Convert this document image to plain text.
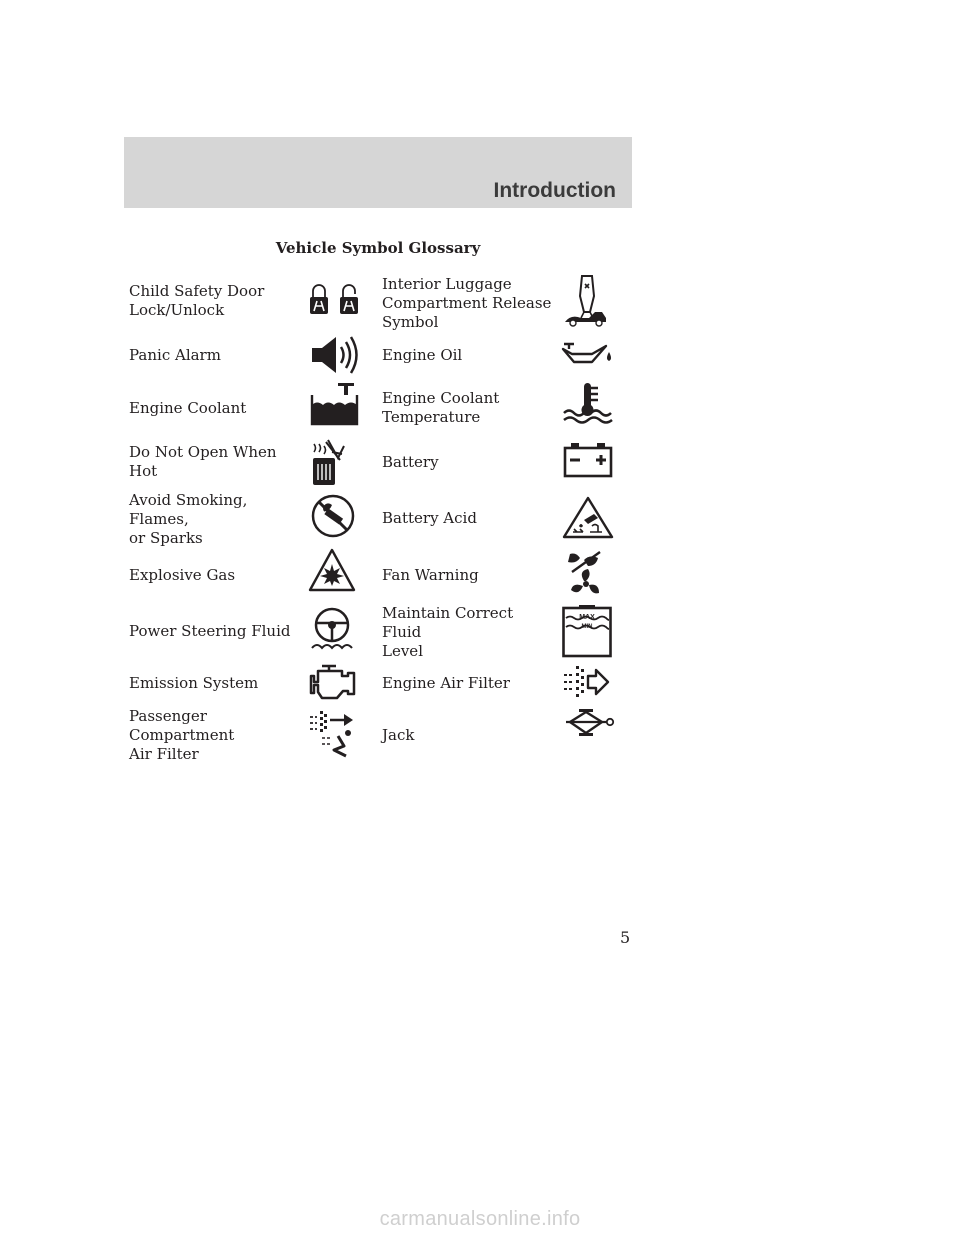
Introduction
Vehicle Symbol Glossary

Child Safety Door
Lock/Unlock

Panic Alarm

Engine Coolant

Do Not Open When Hot

Avoid Smoking, Flames,
or Sparks

Explosive Gas

Power Steering Fluid

Emission System

Passenger Compartment
Air Filter

Interior Luggage
Compartment Release
Symbol

Engine Oil

Engine Coolant
Temperature

Battery

Battery Acid

Fan Warning

Maintain Correct Fluid
Level

Engine Air Filter

Jack

MAX
MIN

5

carmanualsonline.info
